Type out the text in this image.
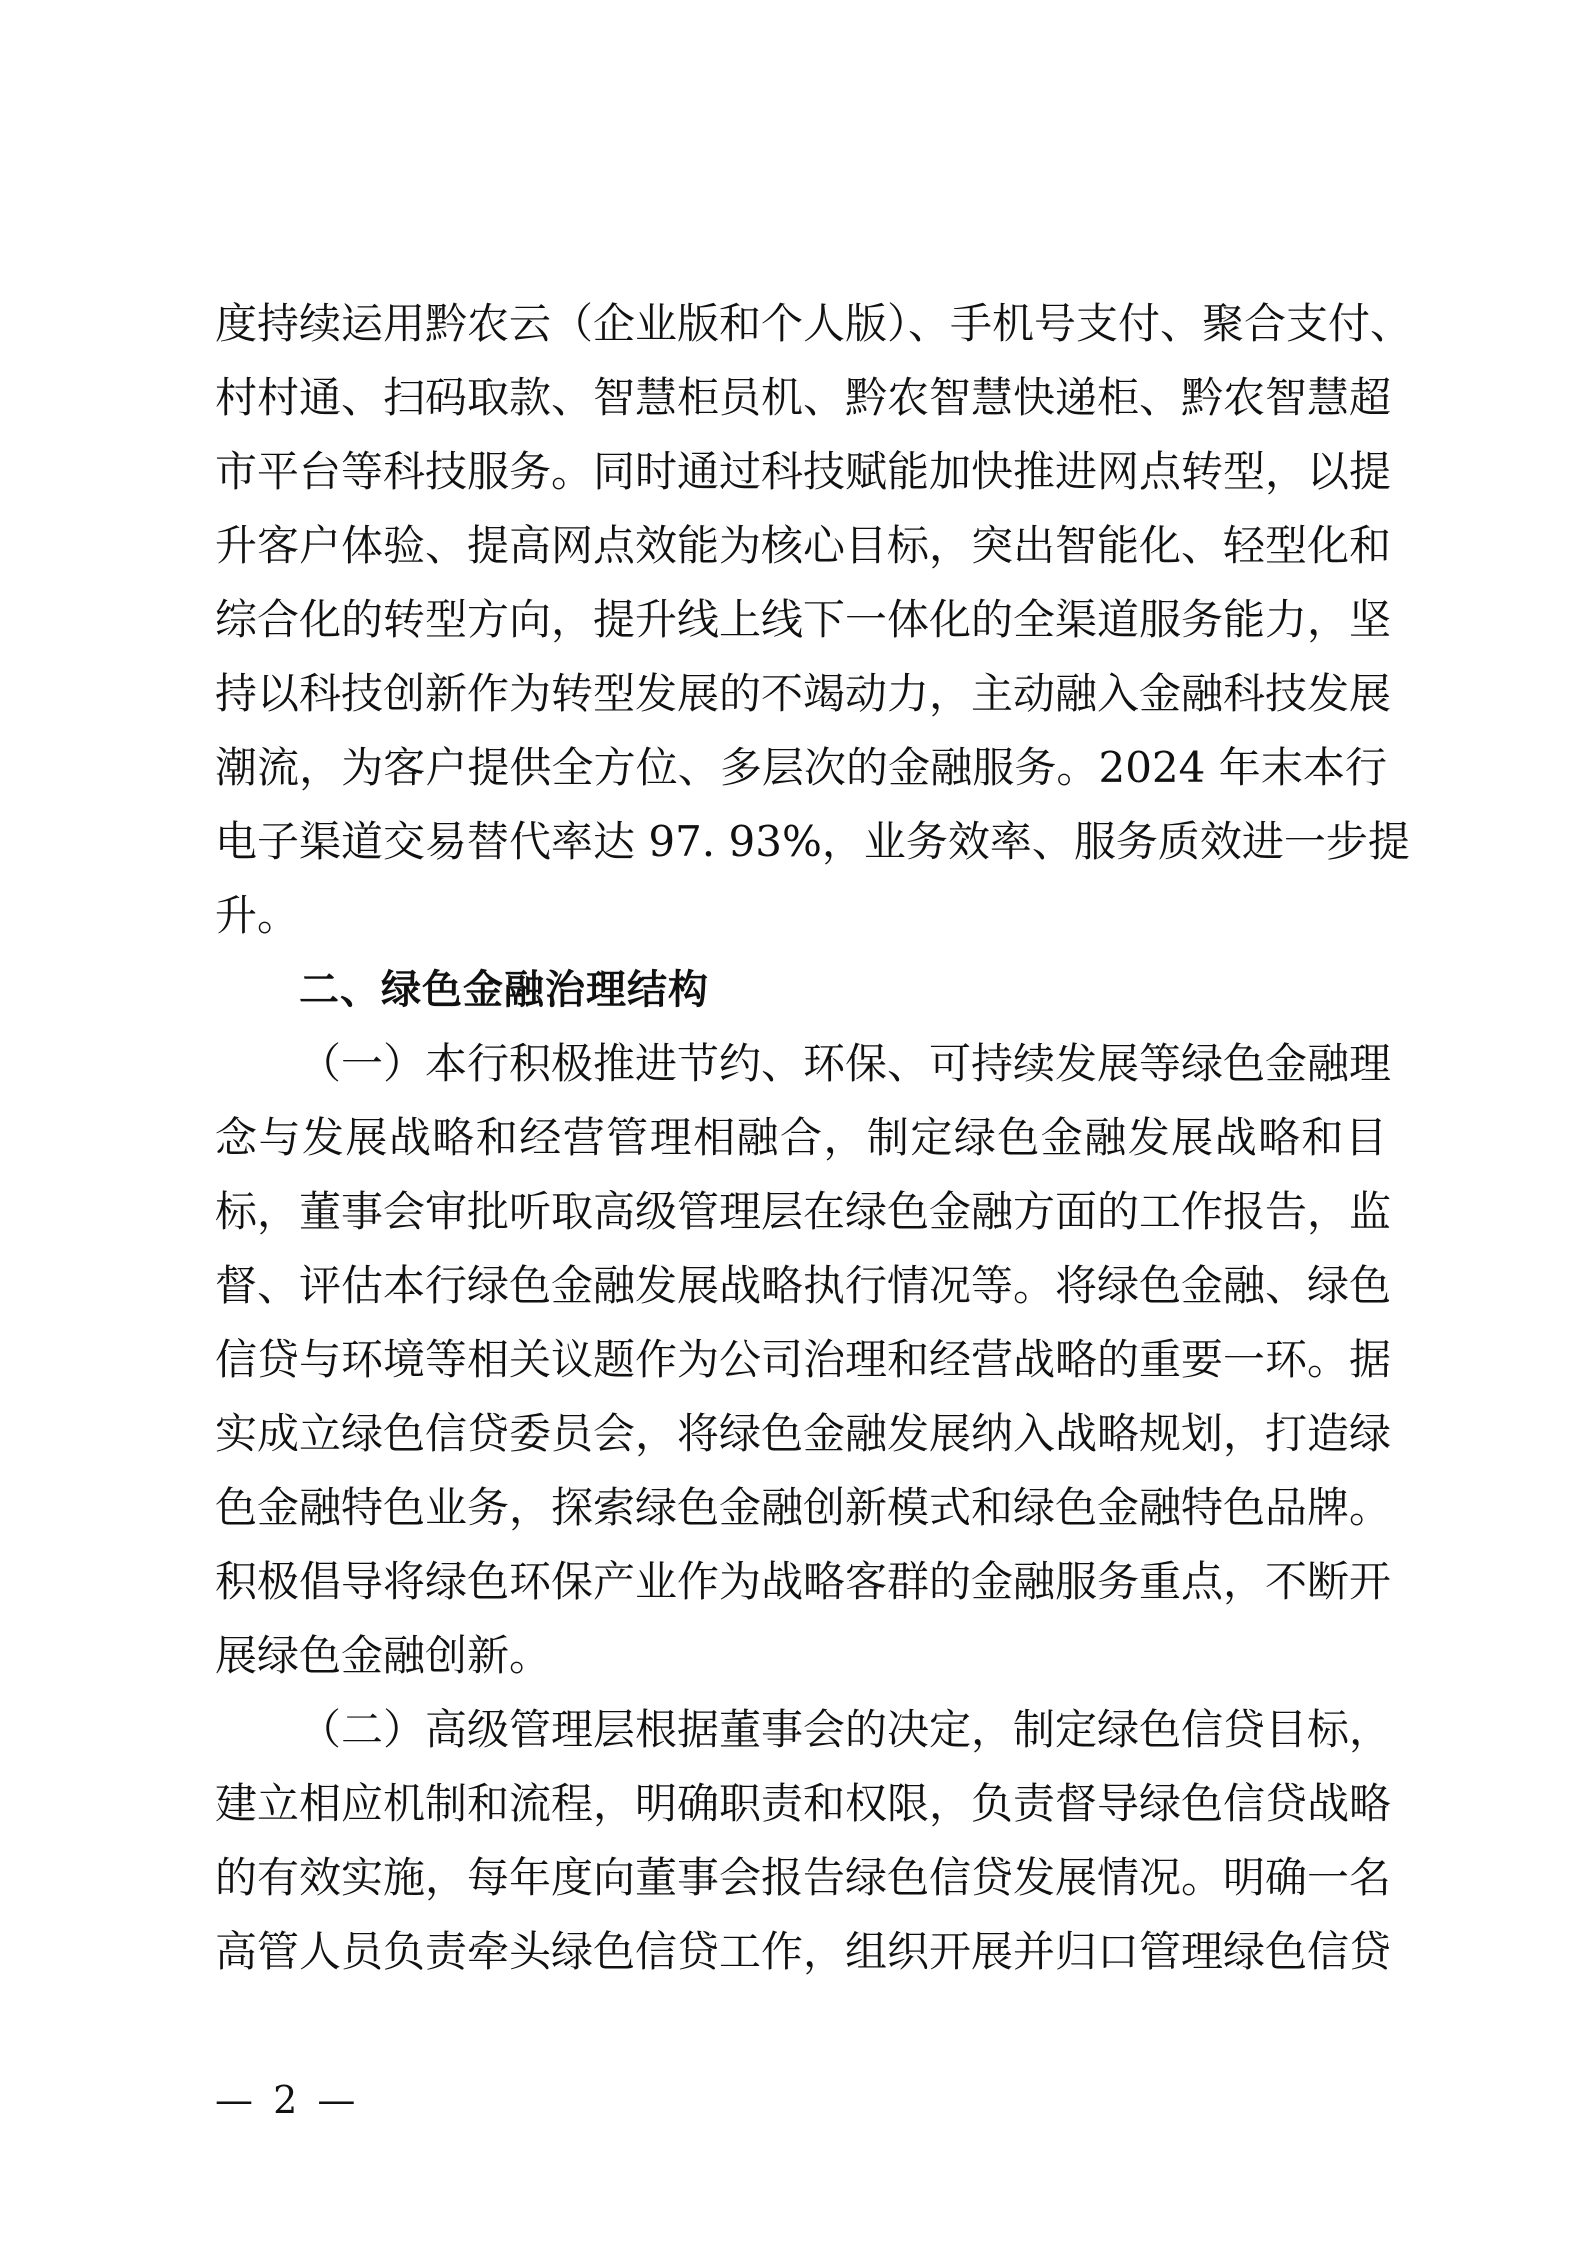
度持续运用黔农云（企业版和个人版）、手机号支付、聚合支付、
村村通、扫码取款、智慧柜员机、黔农智慧快递柜、黔农智慧超
市平台等科技服务。同时通过科技赋能加快推进网点转型，以提
升客户体验、提高网点效能为核心目标，突出智能化、轻型化和
综合化的转型方向，提升线上线下一体化的全渠道服务能力，坚
持以科技创新作为转型发展的不竭动力，主动融入金融科技发展
潮流，为客户提供全方位、多层次的金融服务。2024 年末本行
电子渠道交易替代率达 97. 93%，业务效率、服务质效进一步提
升。
二、绿色金融治理结构
（一）本行积极推进节约、环保、可持续发展等绿色金融理
念与发展战略和经营管理相融合，制定绿色金融发展战略和目
标，董事会审批听取高级管理层在绿色金融方面的工作报告，监
督、评估本行绿色金融发展战略执行情况等。将绿色金融、绿色
信贷与环境等相关议题作为公司治理和经营战略的重要一环。据
实成立绿色信贷委员会，将绿色金融发展纳入战略规划，打造绿
色金融特色业务，探索绿色金融创新模式和绿色金融特色品牌。
积极倡导将绿色环保产业作为战略客群的金融服务重点，不断开
展绿色金融创新。
（二）高级管理层根据董事会的决定，制定绿色信贷目标，
建立相应机制和流程，明确职责和权限，负责督导绿色信贷战略
的有效实施，每年度向董事会报告绿色信贷发展情况。明确一名
高管人员负责牵头绿色信贷工作，组织开展并归口管理绿色信贷
— 2 —
